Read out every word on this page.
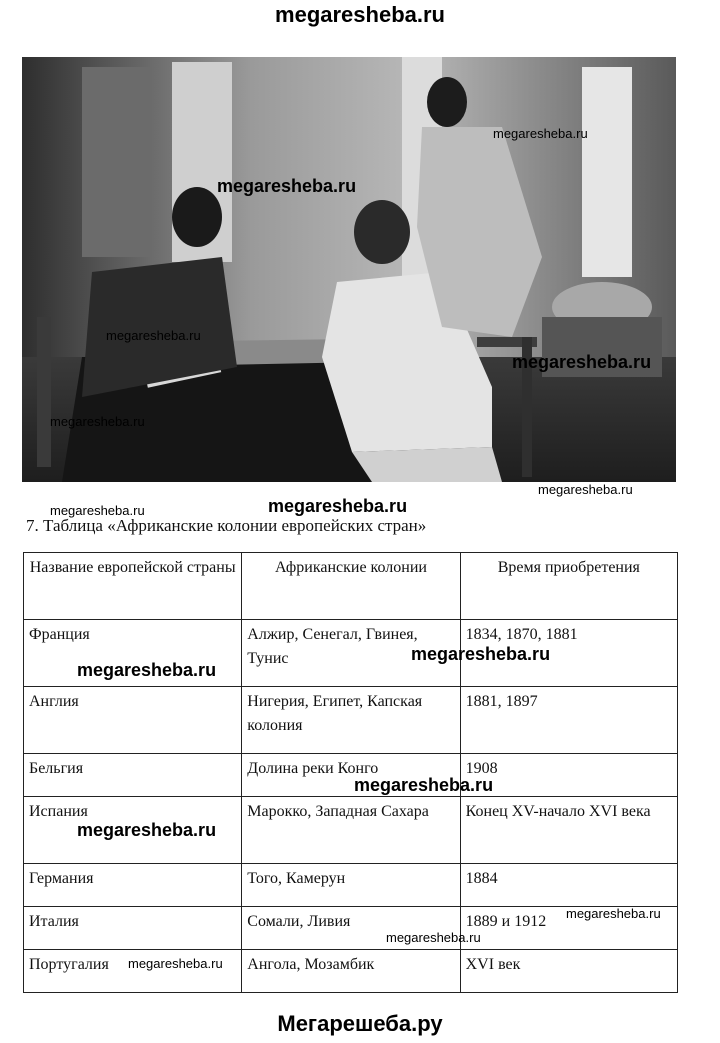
megaresheba.ru
megaresheba.ru
megaresheba.ru
megaresheba.ru
megaresheba.ru
megaresheba.ru
megaresheba.ru	megaresheba.ru
megaresheba.ru
7. Таблица «Африканские колонии европейских стран»
Название европейской страны	Африканские колонии	Время приобретения
Франция	Алжир, Сенегал, Гвинея, Тунис	1834, 1870, 1881
Англия	Нигерия, Египет, Капская колония	1881, 1897
Бельгия	Долина реки Конго	1908
Испания	Марокко, Западная Сахара	Конец XV-начало XVI века
Германия	Того, Камерун	1884
Италия	Сомали, Ливия	1889 и 1912
Португалия	Ангола, Мозамбик	XVI век
megaresheba.ru
megaresheba.ru
megaresheba.ru
megaresheba.ru
megaresheba.ru
megaresheba.ru
megaresheba.ru
Мегарешеба.ру
